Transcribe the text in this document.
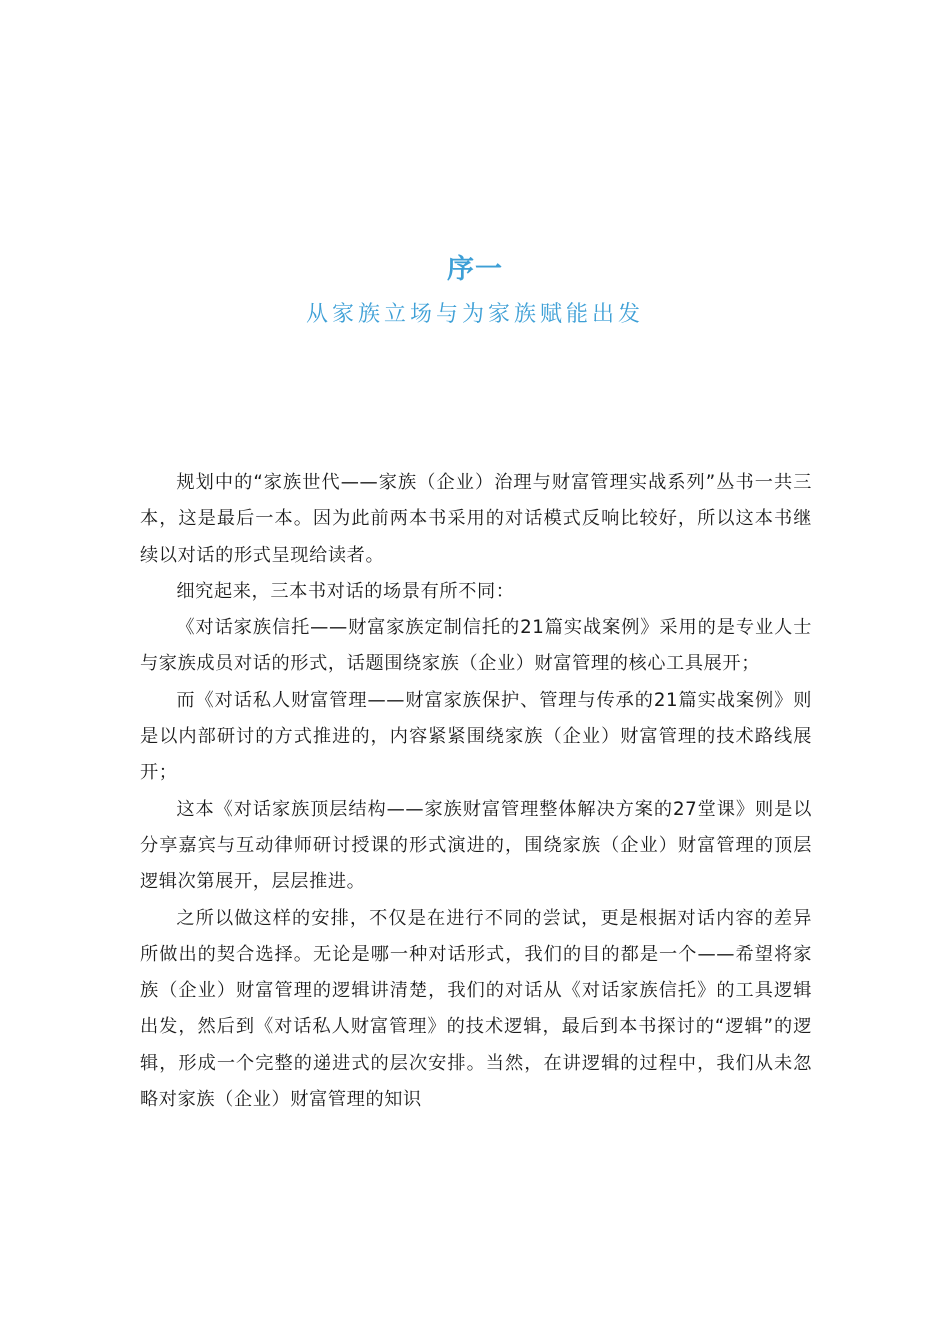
序一
从家族立场与为家族赋能出发

规划中的“家族世代——家族（企业）治理与财富管理实战系列”丛书一共三本，这是最后一本。因为此前两本书采用的对话模式反响比较好，所以这本书继续以对话的形式呈现给读者。

细究起来，三本书对话的场景有所不同：

《对话家族信托——财富家族定制信托的21篇实战案例》采用的是专业人士与家族成员对话的形式，话题围绕家族（企业）财富管理的核心工具展开；

而《对话私人财富管理——财富家族保护、管理与传承的21篇实战案例》则是以内部研讨的方式推进的，内容紧紧围绕家族（企业）财富管理的技术路线展开；

这本《对话家族顶层结构——家族财富管理整体解决方案的27堂课》则是以分享嘉宾与互动律师研讨授课的形式演进的，围绕家族（企业）财富管理的顶层逻辑次第展开，层层推进。

之所以做这样的安排，不仅是在进行不同的尝试，更是根据对话内容的差异所做出的契合选择。无论是哪一种对话形式，我们的目的都是一个——希望将家族（企业）财富管理的逻辑讲清楚，我们的对话从《对话家族信托》的工具逻辑出发，然后到《对话私人财富管理》的技术逻辑，最后到本书探讨的“逻辑”的逻辑，形成一个完整的递进式的层次安排。当然，在讲逻辑的过程中，我们从未忽略对家族（企业）财富管理的知识
